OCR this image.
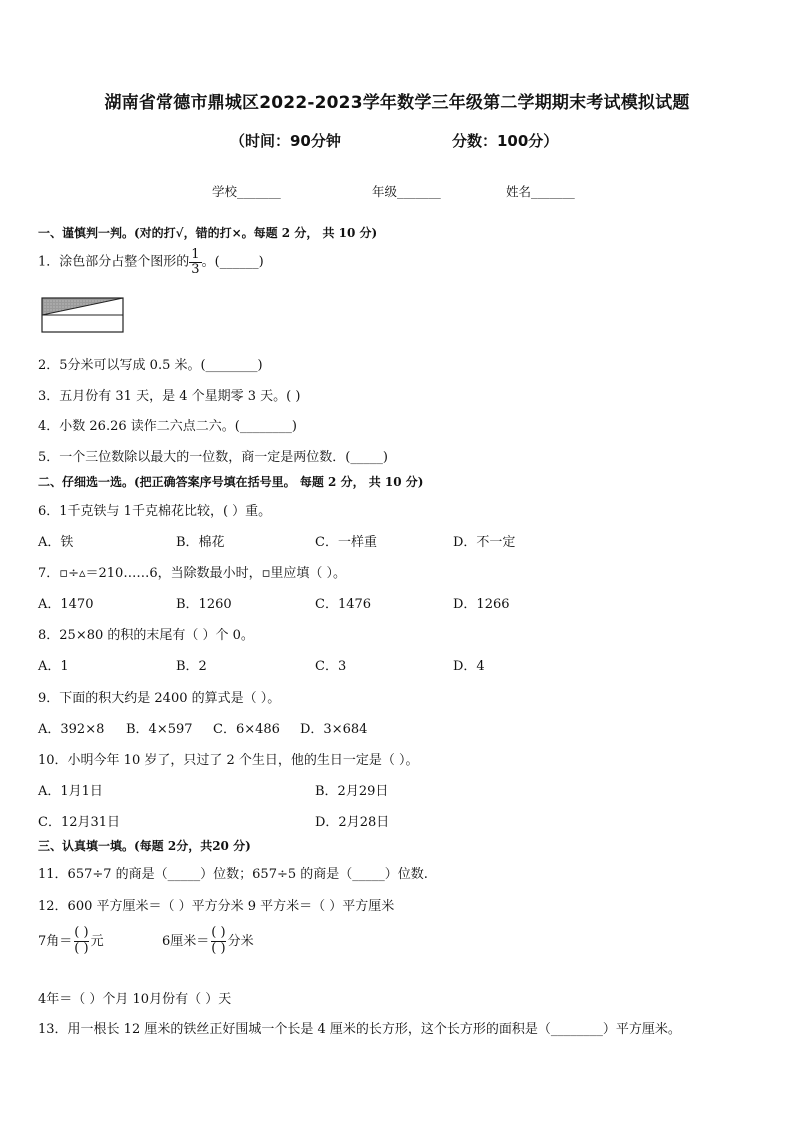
湖南省常德市鼎城区2022-2023学年数学三年级第二学期期末考试模拟试题
（时间：90分钟	分数：100分）
学校_______	年级_______	姓名_______
一、谨慎判一判。(对的打√，错的打×。每题 2 分， 共 10 分)
1．涂色部分占整个图形的 $\frac{1}{3}$ 。(______)
2．5分米可以写成 0.5 米。(________)
3．五月份有 31 天，是 4 个星期零 3 天。( )
4．小数 26.26 读作二六点二六。(________)
5．一个三位数除以最大的一位数，商一定是两位数．(_____)
二、仔细选一选。(把正确答案序号填在括号里。 每题 2 分， 共 10 分)
6．1千克铁与 1千克棉花比较，( ）重。
A．铁	B．棉花	C．一样重	D．不一定
7．▫÷▵＝210……6，当除数最小时，▫里应填（ ）。
A．1470	B．1260	C．1476	D．1266
8．25×80 的积的末尾有（ ）个 0。
A．1	B．2	C．3	D．4
9．下面的积大约是 2400 的算式是（ ）。
A．392×8 B．4×597 C．6×486 D．3×684
10．小明今年 10 岁了，只过了 2 个生日，他的生日一定是（ ）。
A．1月1日	B．2月29日
C．12月31日	D．2月28日
三、认真填一填。(每题 2分，共20 分)
11．657÷7 的商是（_____）位数；657÷5 的商是（_____）位数.
12．600 平方厘米＝（ ）平方分米 9 平方米＝（ ）平方厘米
7角＝
( )
( ) 元	6厘米＝
( )
( ) 分米
4年＝（ ）个月 10月份有（ ）天
13．用一根长 12 厘米的铁丝正好围城一个长是 4 厘米的长方形，这个长方形的面积是（________）平方厘米。
